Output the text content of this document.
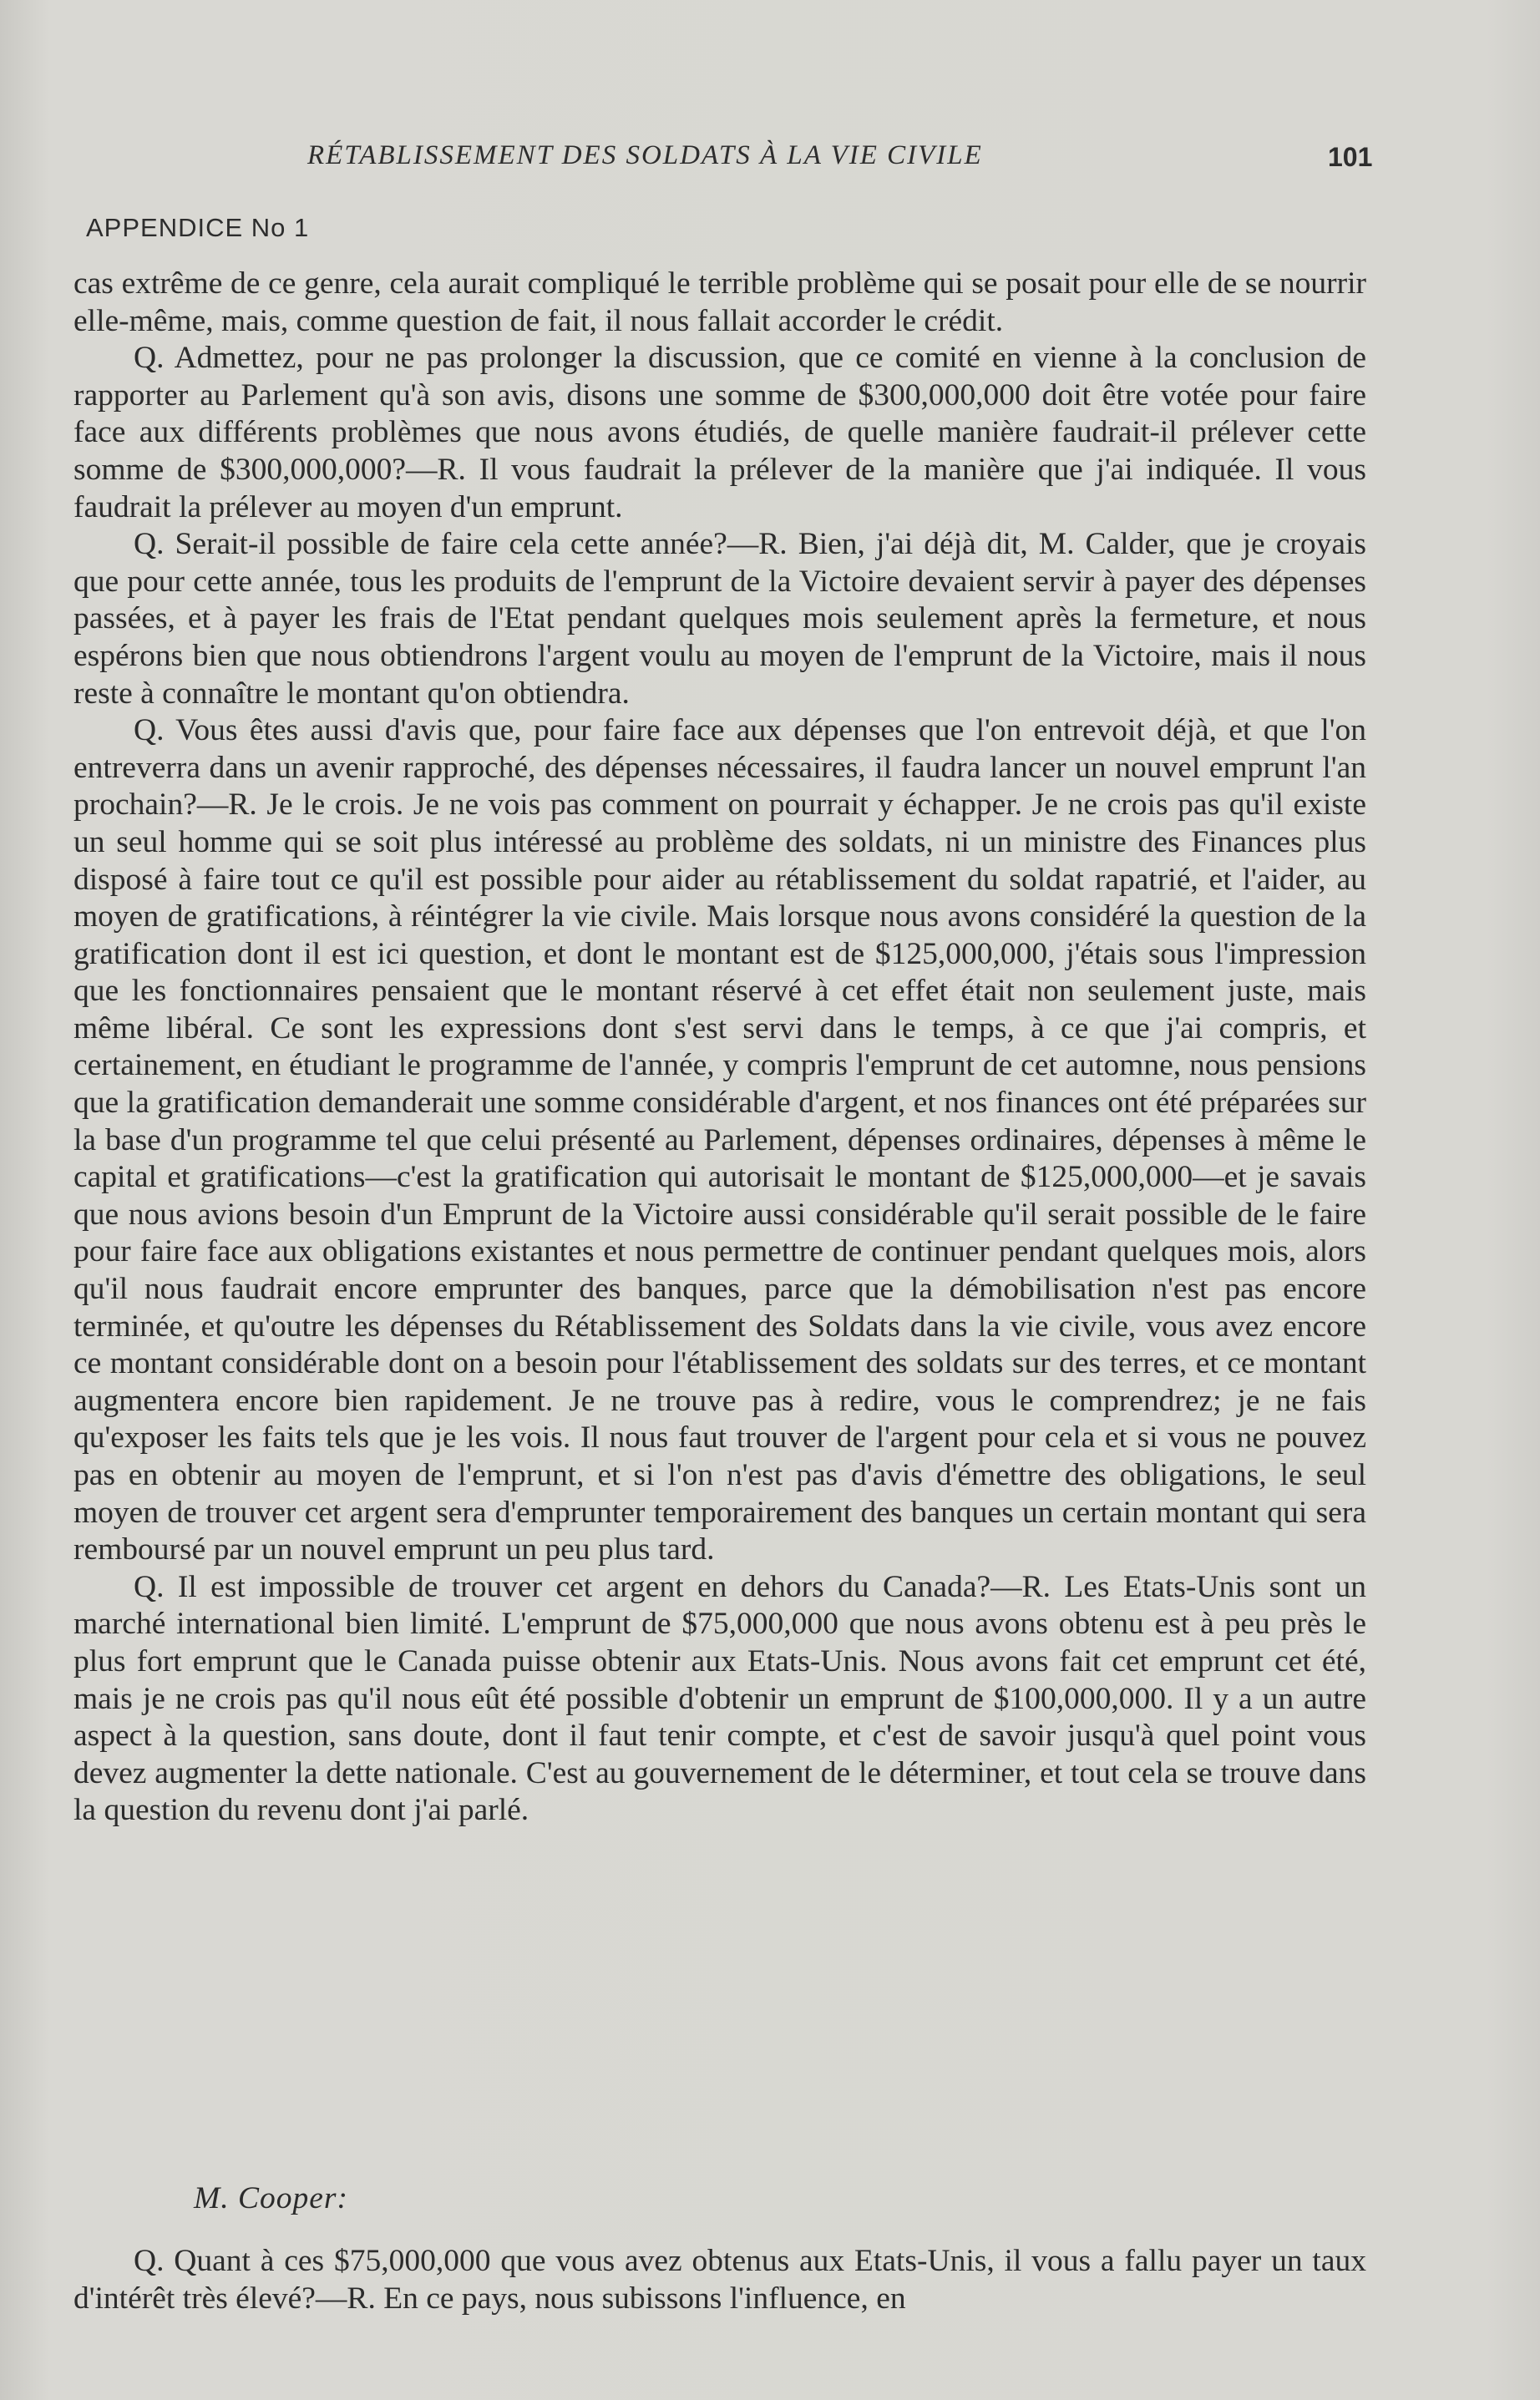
RÉTABLISSEMENT DES SOLDATS À LA VIE CIVILE	101
APPENDICE No 1

cas extrême de ce genre, cela aurait compliqué le terrible problème qui se posait pour elle de se nourrir elle-même, mais, comme question de fait, il nous fallait accorder le crédit.

Q. Admettez, pour ne pas prolonger la discussion, que ce comité en vienne à la conclusion de rapporter au Parlement qu'à son avis, disons une somme de $300,000,000 doit être votée pour faire face aux différents problèmes que nous avons étudiés, de quelle manière faudrait-il prélever cette somme de $300,000,000?—R. Il vous faudrait la prélever de la manière que j'ai indiquée. Il vous faudrait la prélever au moyen d'un emprunt.

Q. Serait-il possible de faire cela cette année?—R. Bien, j'ai déjà dit, M. Calder, que je croyais que pour cette année, tous les produits de l'emprunt de la Victoire devaient servir à payer des dépenses passées, et à payer les frais de l'Etat pendant quelques mois seulement après la fermeture, et nous espérons bien que nous obtiendrons l'argent voulu au moyen de l'emprunt de la Victoire, mais il nous reste à connaître le montant qu'on obtiendra.

Q. Vous êtes aussi d'avis que, pour faire face aux dépenses que l'on entrevoit déjà, et que l'on entreverra dans un avenir rapproché, des dépenses nécessaires, il faudra lancer un nouvel emprunt l'an prochain?—R. Je le crois. Je ne vois pas comment on pourrait y échapper. Je ne crois pas qu'il existe un seul homme qui se soit plus intéressé au problème des soldats, ni un ministre des Finances plus disposé à faire tout ce qu'il est possible pour aider au rétablissement du soldat rapatrié, et l'aider, au moyen de gratifications, à réintégrer la vie civile. Mais lorsque nous avons considéré la question de la gratification dont il est ici question, et dont le montant est de $125,000,000, j'étais sous l'impression que les fonctionnaires pensaient que le montant réservé à cet effet était non seulement juste, mais même libéral. Ce sont les expressions dont s'est servi dans le temps, à ce que j'ai compris, et certainement, en étudiant le programme de l'année, y compris l'emprunt de cet automne, nous pensions que la gratification demanderait une somme considérable d'argent, et nos finances ont été préparées sur la base d'un programme tel que celui présenté au Parlement, dépenses ordinaires, dépenses à même le capital et gratifications—c'est la gratification qui autorisait le montant de $125,000,000—et je savais que nous avions besoin d'un Emprunt de la Victoire aussi considérable qu'il serait possible de le faire pour faire face aux obligations existantes et nous permettre de continuer pendant quelques mois, alors qu'il nous faudrait encore emprunter des banques, parce que la démobilisation n'est pas encore terminée, et qu'outre les dépenses du Rétablissement des Soldats dans la vie civile, vous avez encore ce montant considérable dont on a besoin pour l'établissement des soldats sur des terres, et ce montant augmentera encore bien rapidement. Je ne trouve pas à redire, vous le comprendrez; je ne fais qu'exposer les faits tels que je les vois. Il nous faut trouver de l'argent pour cela et si vous ne pouvez pas en obtenir au moyen de l'emprunt, et si l'on n'est pas d'avis d'émettre des obligations, le seul moyen de trouver cet argent sera d'emprunter temporairement des banques un certain montant qui sera remboursé par un nouvel emprunt un peu plus tard.

Q. Il est impossible de trouver cet argent en dehors du Canada?—R. Les Etats-Unis sont un marché international bien limité. L'emprunt de $75,000,000 que nous avons obtenu est à peu près le plus fort emprunt que le Canada puisse obtenir aux Etats-Unis. Nous avons fait cet emprunt cet été, mais je ne crois pas qu'il nous eût été possible d'obtenir un emprunt de $100,000,000. Il y a un autre aspect à la question, sans doute, dont il faut tenir compte, et c'est de savoir jusqu'à quel point vous devez augmenter la dette nationale. C'est au gouvernement de le déterminer, et tout cela se trouve dans la question du revenu dont j'ai parlé.

M. Cooper:

Q. Quant à ces $75,000,000 que vous avez obtenus aux Etats-Unis, il vous a fallu payer un taux d'intérêt très élevé?—R. En ce pays, nous subissons l'influence, en
